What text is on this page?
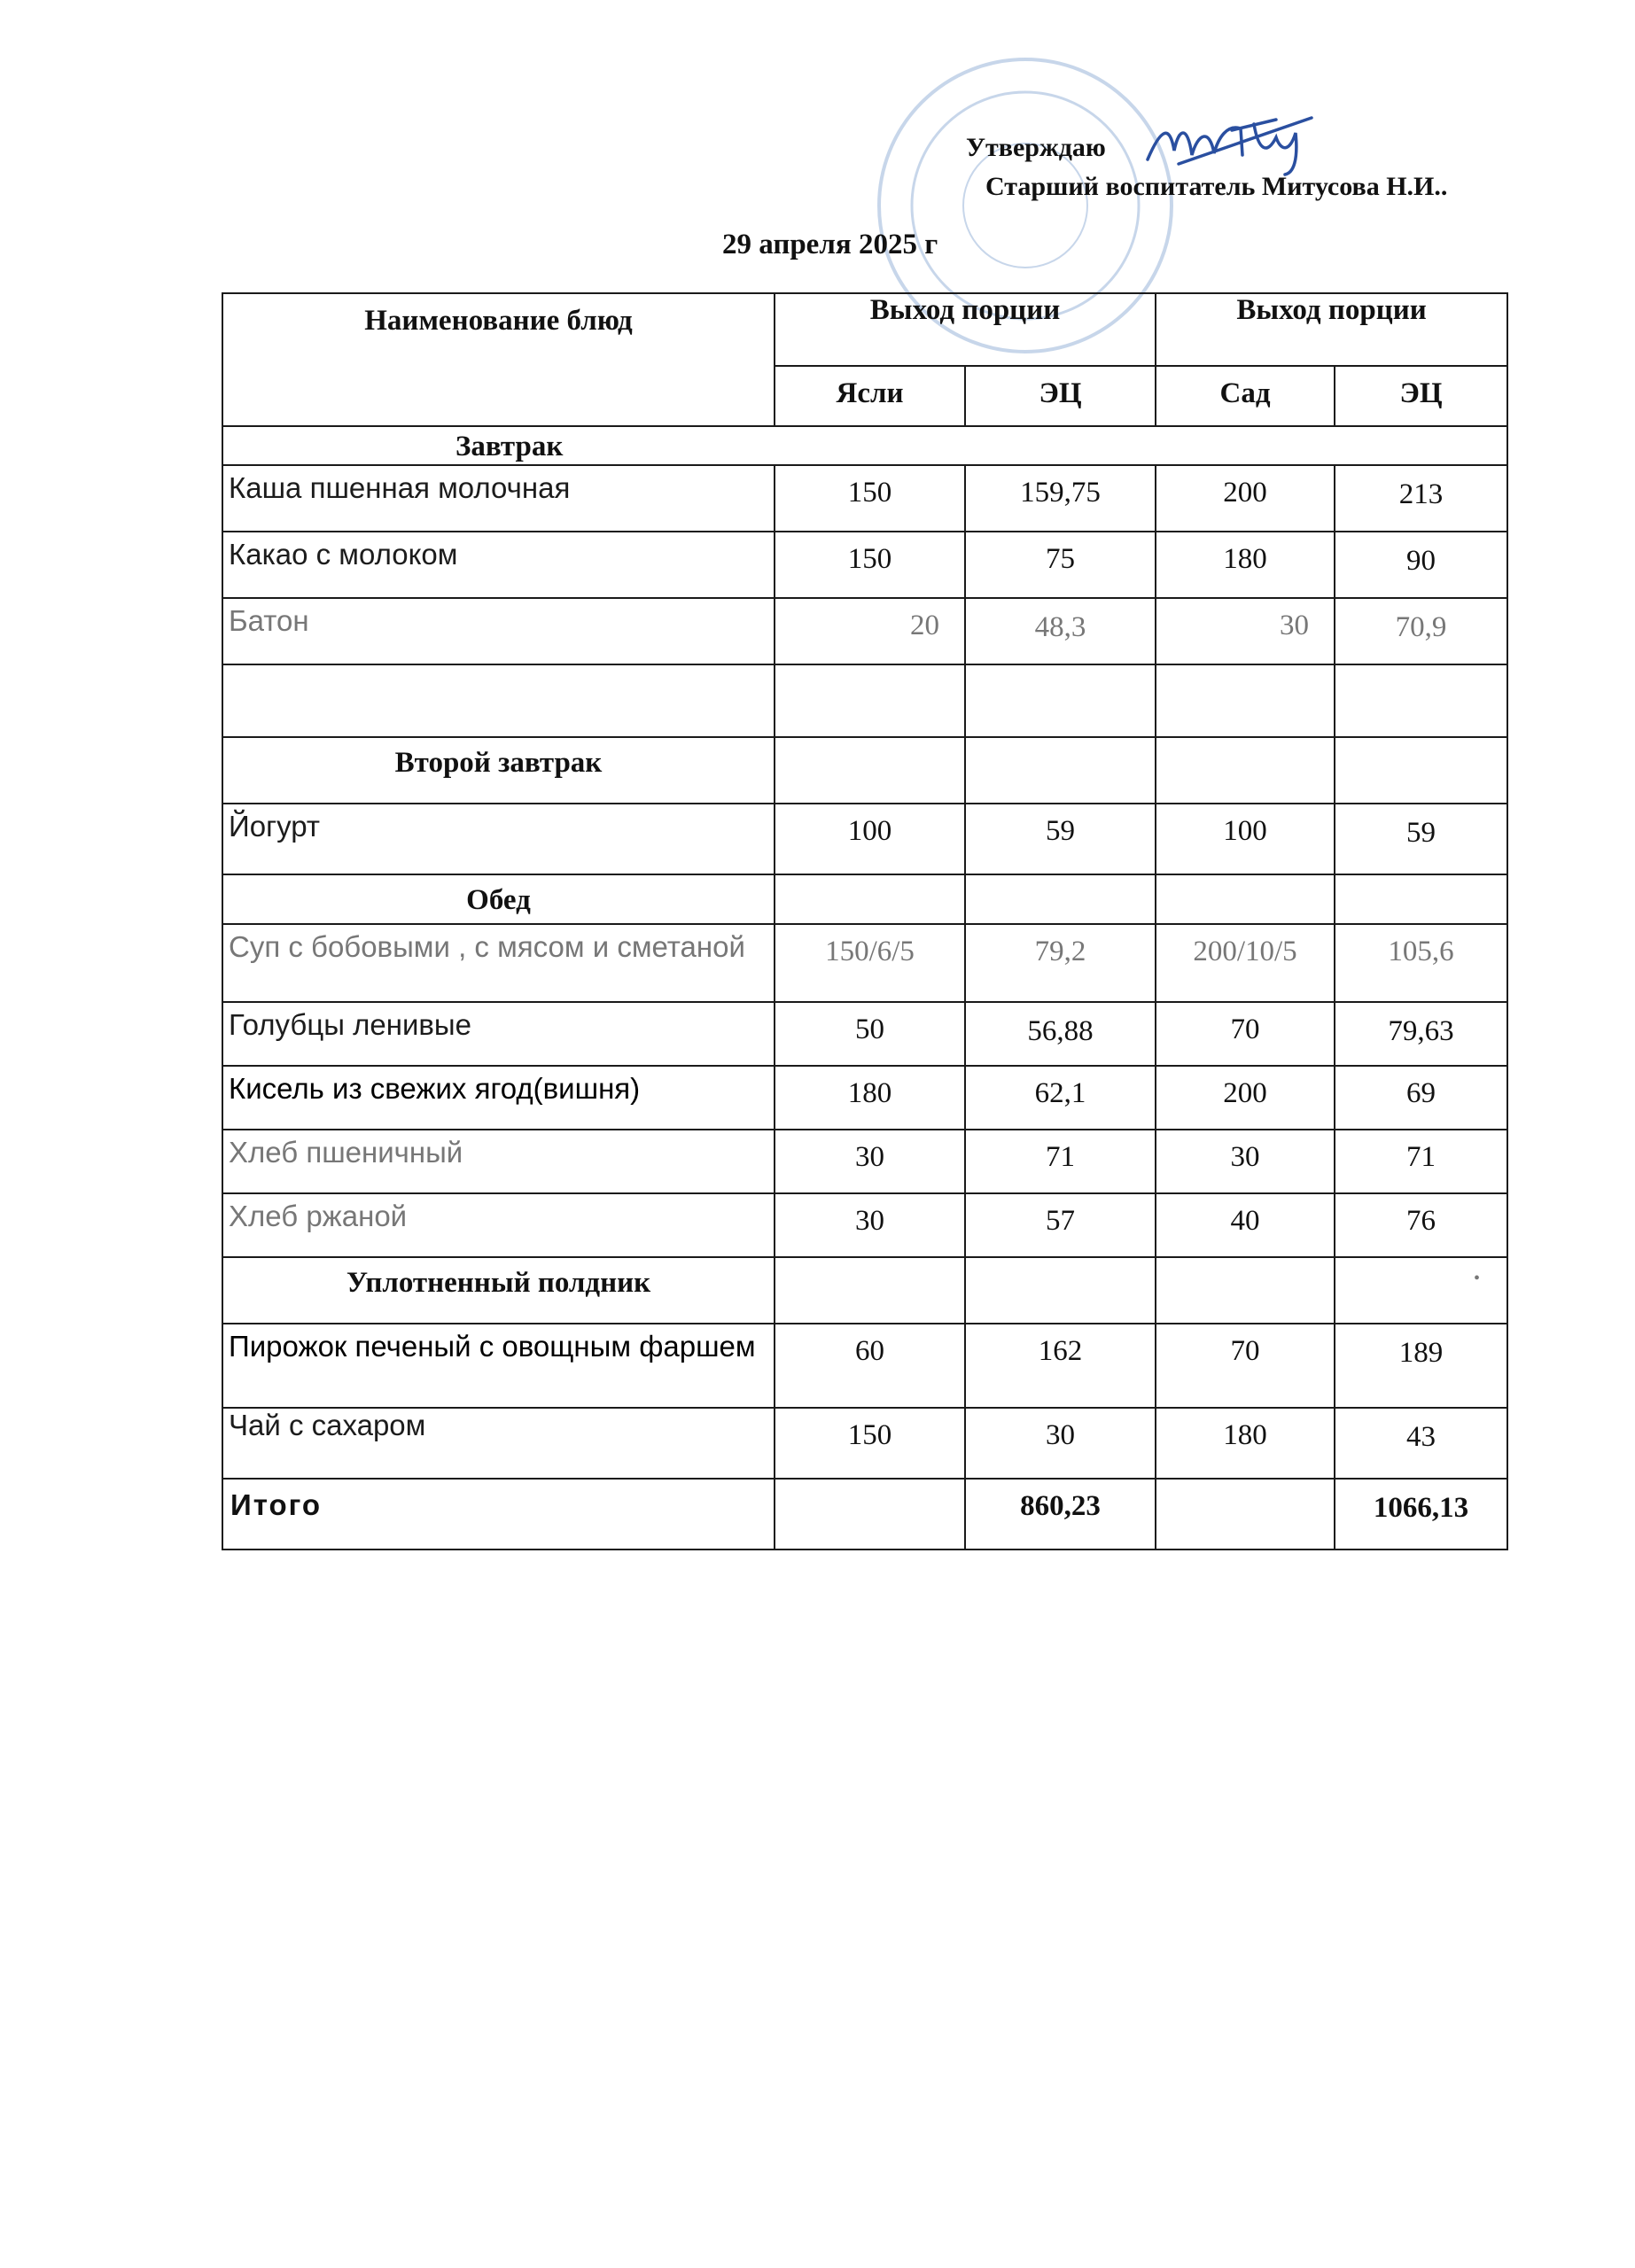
Утверждаю
Старший воспитатель Митусова Н.И..
29 апреля 2025 г
Наименование блюд	Выход порции		Выход порции	
	Ясли	ЭЦ	Сад	ЭЦ
Завтрак				
Каша пшенная молочная	150	159,75	200	213
Какао с молоком	150	75	180	90
Батон	20	48,3	30	70,9

Второй завтрак				
Йогурт	100	59	100	59
Обед				
Суп с бобовыми , с мясом и сметаной	150/6/5	79,2	200/10/5	105,6
Голубцы ленивые	50	56,88	70	79,63
Кисель из свежих ягод(вишня)	180	62,1	200	69
Хлеб пшеничный	30	71	30	71
Хлеб ржаной	30	57	40	76
Уплотненный полдник				•

Пирожок печеный с овощным фаршем	60	162	70	189
Чай с сахаром	150	30	180	43
Итого		860,23		1066,13
